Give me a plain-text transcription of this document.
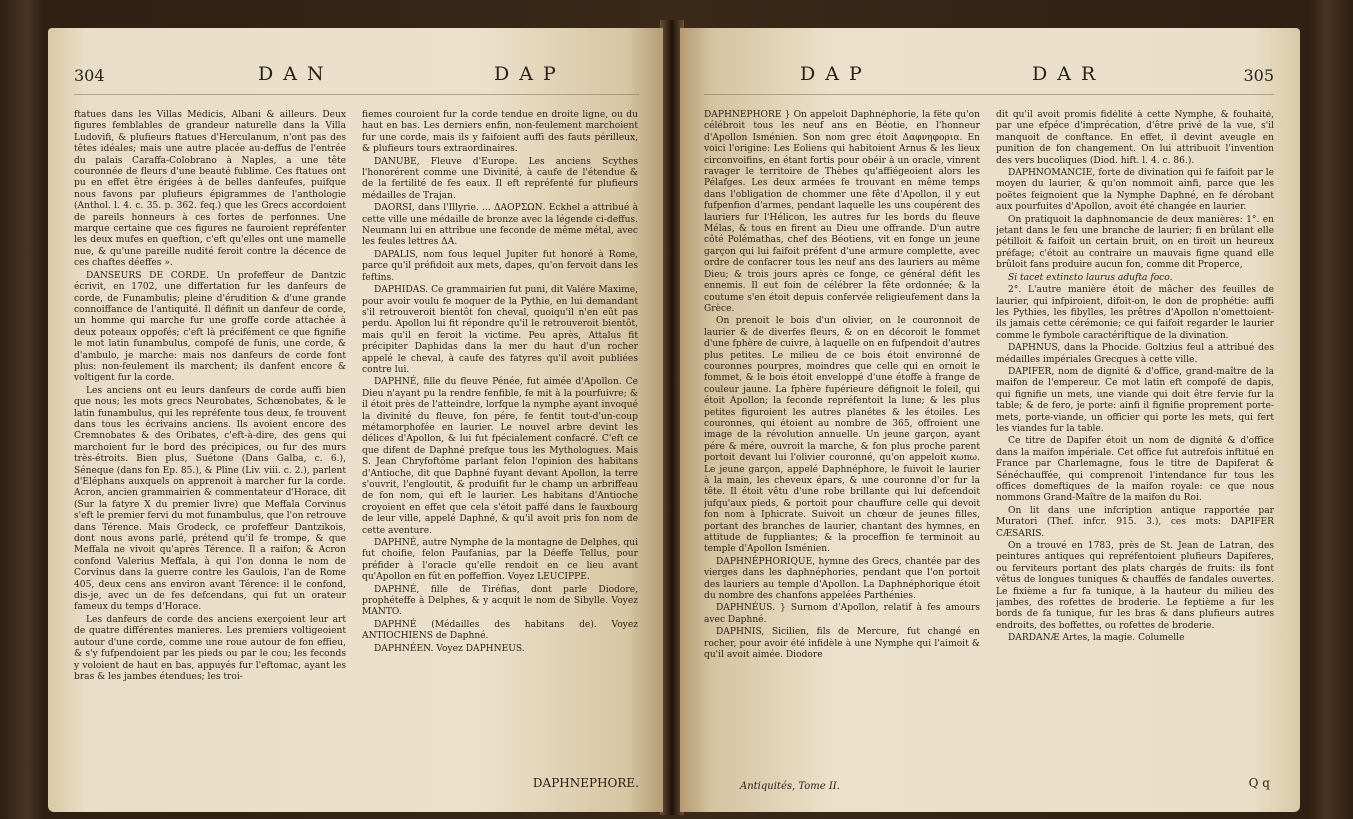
304	DAN	DAP

ftatues dans les Villas Médicis, Albani & ailleurs. Deux figures femblables de grandeur naturelle dans la Villa Ludovifi, & plufieurs ftatues d'Herculanum, n'ont pas des têtes idéales; mais une autre placée au-deffus de l'entrée du palais Caraffa-Colobrano à Naples, a une tête couronnée de fleurs d'une beauté fublime. Ces ftatues ont pu en effet être érigées à de belles danfeufes, puifque nous favons par plufieurs épigrammes de l'anthologie (Anthol. l. 4. c. 35. p. 362. feq.) que les Grecs accordoient de pareils honneurs à ces fortes de perfonnes. Une marque certaine que ces figures ne fauroient repréfenter les deux mufes en queftion, c'eft qu'elles ont une mamelle nue, & qu'une pareille nudité feroit contre la décence de ces chaftes déeffes ».

DANSEURS DE CORDE. Un profeffeur de Dantzic écrivit, en 1702, une differtation fur les danfeurs de corde, de Funambulis; pleine d'érudition & d'une grande connoiffance de l'antiquité. Il définit un danfeur de corde, un homme qui marche fur une groffe corde attachée à deux poteaux oppofés; c'eft là précifément ce que fignifie le mot latin funambulus, compofé de funis, une corde, & d'ambulo, je marche: mais nos danfeurs de corde font plus: non-feulement ils marchent; ils danfent encore & voltigent fur la corde.

Les anciens ont eu leurs danfeurs de corde auffi bien que nous; les mots grecs Neurobates, Schœnobates, & le latin funambulus, qui les repréfente tous deux, fe trouvent dans tous les écrivains anciens. Ils avoient encore des Cremnobates & des Oribates, c'eft-à-dire, des gens qui marchoient fur le bord des précipices, ou fur des murs très-étroits. Bien plus, Suétone (Dans Galba, c. 6.), Séneque (dans fon Ep. 85.), & Pline (Liv. viii. c. 2.), parlent d'Eléphans auxquels on apprenoit à marcher fur la corde. Acron, ancien grammairien & commentateur d'Horace, dit (Sur la fatyre X du premier livre) que Meffala Corvinus s'eft le premier fervi du mot funambulus, que l'on retrouve dans Térence. Mais Grodeck, ce profeffeur Dantzikois, dont nous avons parlé, prétend qu'il fe trompe, & que Meffala ne vivoit qu'après Térence. Il a raifon; & Acron confond Valerius Meffala, à qui l'on donna le nom de Corvinus dans la guerre contre les Gaulois, l'an de Rome 405, deux cens ans environ avant Térence: il le confond, dis-je, avec un de fes defcendans, qui fut un orateur fameux du temps d'Horace.

Les danfeurs de corde des anciens exerçoient leur art de quatre différentes manieres. Les premiers voltigeoient autour d'une corde, comme une roue autour de fon effieu, & s'y fufpendoient par les pieds ou par le cou; les feconds y voloient de haut en bas, appuyés fur l'eftomac, ayant les bras & les jambes étendues; les troi-

fiemes couroient fur la corde tendue en droite ligne, ou du haut en bas. Les derniers enfin, non-feulement marchoient fur une corde, mais ils y faifoient auffi des fauts périlleux, & plufieurs tours extraordinaires.

DANUBE, Fleuve d'Europe. Les anciens Scythes l'honorérent comme une Divinité, à caufe de l'étendue & de la fertilité de fes eaux. Il eft repréfenté fur plufieurs médailles de Trajan.

DAORSI, dans l'Illyrie. ... ΔΑΟΡΣΩΝ. Eckhel a attribué à cette ville une médaille de bronze avec la légende ci-deffus. Neumann lui en attribue une feconde de même métal, avec les feules lettres ΔΑ.

DAPALIS, nom fous lequel Jupiter fut honoré à Rome, parce qu'il préfidoit aux mets, dapes, qu'on fervoit dans les feftins.

DAPHIDAS. Ce grammairien fut puni, dit Valére Maxime, pour avoir voulu fe moquer de la Pythie, en lui demandant s'il retrouveroit bientôt fon cheval, quoiqu'il n'en eût pas perdu. Apollon lui fit répondre qu'il le retrouveroit bientôt, mais qu'il en feroit la victime. Peu après, Attalus fit précipiter Daphidas dans la mer du haut d'un rocher appelé le cheval, à caufe des fatyres qu'il avoit publiées contre lui.

DAPHNÉ, fille du fleuve Pénée, fut aimée d'Apollon. Ce Dieu n'ayant pu la rendre fenfible, fe mit à la pourfuivre; & il étoit près de l'atteindre, lorfque la nymphe ayant invoqué la divinité du fleuve, fon pére, fe fentit tout-d'un-coup métamorphofée en laurier. Le nouvel arbre devint les délices d'Apollon, & lui fut fpécialement confacré. C'eft ce que difent de Daphné prefque tous les Mythologues. Mais S. Jean Chryfoftôme parlant felon l'opinion des habitans d'Antioche, dit que Daphné fuyant devant Apollon, la terre s'ouvrit, l'engloutit, & produifit fur le champ un arbriffeau de fon nom, qui eft le laurier. Les habitans d'Antioche croyoient en effet que cela s'étoit paffé dans le fauxbourg de leur ville, appelé Daphné, & qu'il avoit pris fon nom de cette aventure.

DAPHNÉ, autre Nymphe de la montagne de Delphes, qui fut choifie, felon Paufanias, par la Déeffe Tellus, pour préfider à l'oracle qu'elle rendoit en ce lieu avant qu'Apollon en fût en poffeffion. Voyez LEUCIPPE.

DAPHNÉ, fille de Tiréfias, dont parle Diodore, prophéteffe à Delphes, & y acquit le nom de Sibylle. Voyez MANTO.

DAPHNÉ (Médailles des habitans de). Voyez ANTIOCHIENS de Daphné.

DAPHNÉEN. Voyez DAPHNEUS.

DAPHNEPHORE.
DAP	DAR	305

DAPHNEPHORE } On appeloit Daphnéphorie, la fête qu'on célébroit tous les neuf ans en Béotie, en l'honneur d'Apollon Isménien. Son nom grec étoit Δαφνηφορια. En voici l'origine: Les Eoliens qui habitoient Arnus & les lieux circonvoifins, en étant fortis pour obéir à un oracle, vinrent ravager le territoire de Thèbes qu'affiégeoient alors les Pélafges. Les deux armées fe trouvant en même temps dans l'obligation de chommer une fête d'Apollon, il y eut fufpenfion d'armes, pendant laquelle les uns coupérent des lauriers fur l'Hélicon, les autres fur les bords du fleuve Mélas, & tous en firent au Dieu une offrande. D'un autre côté Polémathas, chef des Béotiens, vit en fonge un jeune garçon qui lui faifoit préfent d'une armure complette, avec ordre de confacrer tous les neuf ans des lauriers au même Dieu; & trois jours après ce fonge, ce général défit les ennemis. Il eut foin de célébrer la fête ordonnée; & la coutume s'en étoit depuis confervée religieufement dans la Grèce.

On prenoit le bois d'un olivier, on le couronnoit de laurier & de diverfes fleurs, & on en décoroit le fommet d'une fphère de cuivre, à laquelle on en fufpendoit d'autres plus petites. Le milieu de ce bois étoit environné de couronnes pourpres, moindres que celle qui en ornoit le fommet, & le bois étoit enveloppé d'une étoffe à frange de couleur jaune. La fphère fupérieure défignoit le foleil, qui étoit Apollon; la feconde repréfentoit la lune; & les plus petites figuroient les autres planétes & les étoiles. Les couronnes, qui étoient au nombre de 365, offroient une image de la révolution annuelle. Un jeune garçon, ayant pére & mére, ouvroit la marche, & fon plus proche parent portoit devant lui l'olivier couronné, qu'on appeloit κωπω. Le jeune garçon, appelé Daphnéphore, le fuivoit le laurier à la main, les cheveux épars, & une couronne d'or fur la tête. Il étoit vêtu d'une robe brillante qui lui defcendoit jufqu'aux pieds, & portoit pour chauffure celle qui devoit fon nom à Iphicrate. Suivoit un chœur de jeunes filles, portant des branches de laurier, chantant des hymnes, en attitude de fuppliantes; & la proceffion fe terminoit au temple d'Apollon Isménien.

DAPHNÉPHORIQUE, hymne des Grecs, chantée par des vierges dans les daphnéphories, pendant que l'on portoit des lauriers au temple d'Apollon. La Daphnéphorique étoit du nombre des chanfons appelées Parthénies.

DAPHNÉUS. } Surnom d'Apollon, relatif à fes amours avec Daphné.

DAPHNIS, Sicilien, fils de Mercure, fut changé en rocher, pour avoir été infidèle à une Nymphe qui l'aimoit & qu'il avoit aimée. Diodore

dit qu'il avoit promis fidélité à cette Nymphe, & fouhaité, par une efpéce d'imprécation, d'être privé de la vue, s'il manquoit de conftance. En effet, il devint aveugle en punition de fon changement. On lui attribuoit l'invention des vers bucoliques (Diod. hift. l. 4. c. 86.).

DAPHNOMANCIE, forte de divination qui fe faifoit par le moyen du laurier, & qu'on nommoit ainfi, parce que les poëtes feignoient que la Nymphe Daphné, en fe dérobant aux pourfuites d'Apollon, avoit été changée en laurier.

On pratiquoit la daphnomancie de deux manières: 1°. en jetant dans le feu une branche de laurier; fi en brûlant elle pétilloit & faifoit un certain bruit, on en tiroit un heureux préfage; c'étoit au contraire un mauvais figne quand elle brûloit fans produire aucun fon, comme dit Properce,

Si tacet extinɛto laurus adufta foco.

2°. L'autre manière étoit de mâcher des feuilles de laurier, qui infpiroient, difoit-on, le don de prophétie: auffi les Pythies, les fibylles, les prêtres d'Apollon n'omettoient-ils jamais cette cérémonie; ce qui faifoit regarder le laurier comme le fymbole caractériftique de la divination.

DAPHNUS, dans la Phocide. Goltzius feul a attribué des médailles impériales Grecques à cette ville.

DAPIFER, nom de dignité & d'office, grand-maître de la maifon de l'empereur. Ce mot latin eft compofé de dapis, qui fignifie un mets, une viande qui doit être fervie fur la table; & de fero, je porte: ainfi il fignifie proprement porte-mets, porte-viande, un officier qui porte les mets, qui fert les viandes fur la table.

Ce titre de Dapifer étoit un nom de dignité & d'office dans la maifon impériale. Cet office fut autrefois inftitué en France par Charlemagne, fous le titre de Dapiferat & Sénéchauffée, qui comprenoit l'intendance fur tous les offices domeftiques de la maifon royale: ce que nous nommons Grand-Maître de la maifon du Roi.

On lit dans une infcription antique rapportée par Muratori (Thef. infcr. 915. 3.), ces mots: DAPIFER CÆSARIS.

On a trouvé en 1783, près de St. Jean de Latran, des peintures antiques qui repréfentoient plufieurs Dapiferes, ou ferviteurs portant des plats chargés de fruits: ils font vêtus de longues tuniques & chauffés de fandales ouvertes. Le fixième a fur fa tunique, à la hauteur du milieu des jambes, des rofettes de broderie. Le feptième a fur les bords de fa tunique, fur les bras & dans plufieurs autres endroits, des boffettes, ou rofettes de broderie.

DARDANÆ Artes, la magie. Columelle

Antiquités, Tome II.	Q q
